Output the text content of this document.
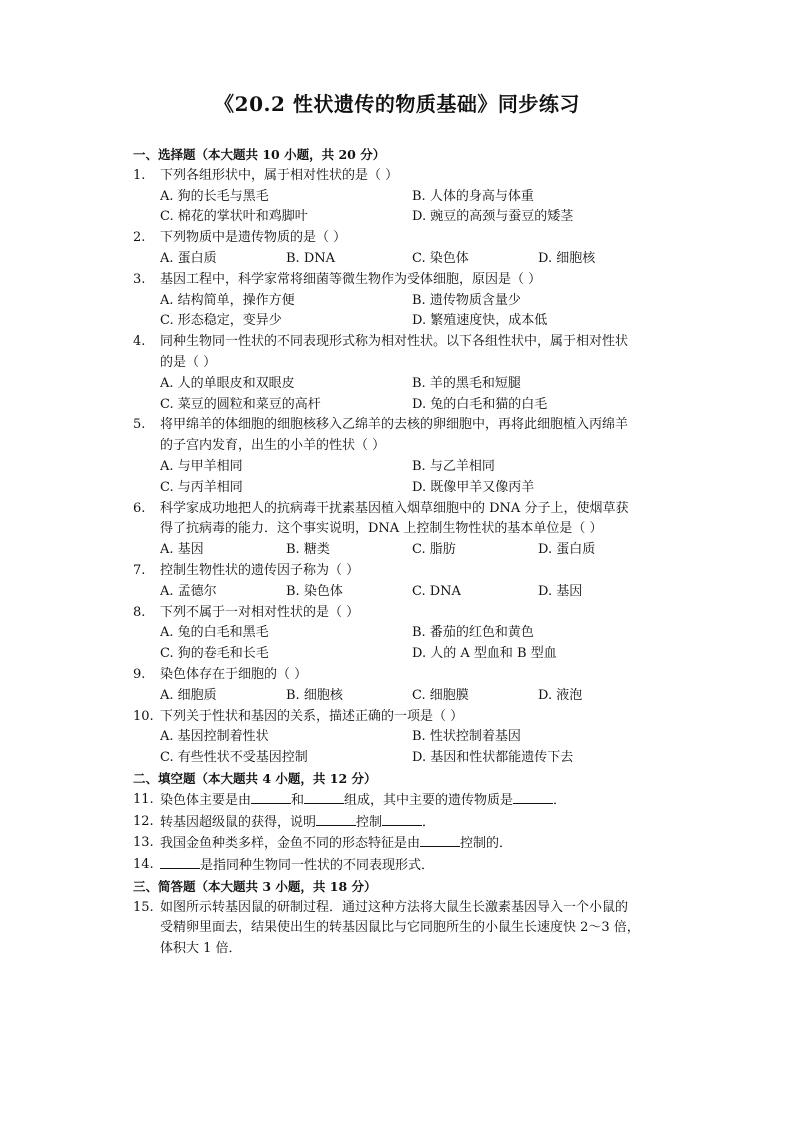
《20.2 性状遗传的物质基础》同步练习
一、选择题（本大题共 10 小题，共 20 分）
1.	下列各组形状中，属于相对性状的是（ ）
A. 狗的长毛与黑毛	B. 人体的身高与体重
C. 棉花的掌状叶和鸡脚叶	D. 豌豆的高颈与蚕豆的矮茎
2.	下列物质中是遗传物质的是（ ）
A. 蛋白质	B. DNA	C. 染色体	D. 细胞核
3.	基因工程中，科学家常将细菌等微生物作为受体细胞，原因是（ ）
A. 结构简单，操作方便	B. 遗传物质含量少
C. 形态稳定，变异少	D. 繁殖速度快，成本低
4.	同种生物同一性状的不同表现形式称为相对性状。以下各组性状中，属于相对性状
的是（ ）
A. 人的单眼皮和双眼皮	B. 羊的黑毛和短腿
C. 菜豆的圆粒和菜豆的高杆	D. 兔的白毛和猫的白毛
5.	将甲绵羊的体细胞的细胞核移入乙绵羊的去核的卵细胞中，再将此细胞植入丙绵羊
的子宫内发育，出生的小羊的性状（ ）
A. 与甲羊相同	B. 与乙羊相同
C. 与丙羊相同	D. 既像甲羊又像丙羊
6.	科学家成功地把人的抗病毒干扰素基因植入烟草细胞中的 DNA 分子上，使烟草获
得了抗病毒的能力．这个事实说明，DNA 上控制生物性状的基本单位是（ ）
A. 基因	B. 糖类	C. 脂肪	D. 蛋白质
7.	控制生物性状的遗传因子称为（ ）
A. 孟德尔	B. 染色体	C. DNA	D. 基因
8.	下列不属于一对相对性状的是（ ）
A. 兔的白毛和黑毛	B. 番茄的红色和黄色
C. 狗的卷毛和长毛	D. 人的 A 型血和 B 型血
9.	染色体存在于细胞的（ ）
A. 细胞质	B. 细胞核	C. 细胞膜	D. 液泡
10. 下列关于性状和基因的关系，描述正确的一项是（ ）
A. 基因控制着性状	B. 性状控制着基因
C. 有些性状不受基因控制	D. 基因和性状都能遗传下去
二、填空题（本大题共 4 小题，共 12 分）
11. 染色体主要是由	和	组成，其中主要的遗传物质是	．
12. 转基因超级鼠的获得，说明	控制	．
13. 我国金鱼种类多样，金鱼不同的形态特征是由	控制的．
14.	是指同种生物同一性状的不同表现形式．
三、简答题（本大题共 3 小题，共 18 分）
15. 如图所示转基因鼠的研制过程．通过这种方法将大鼠生长激素基因导入一个小鼠的
受精卵里面去，结果使出生的转基因鼠比与它同胞所生的小鼠生长速度快 2～3 倍，
体积大 1 倍．
